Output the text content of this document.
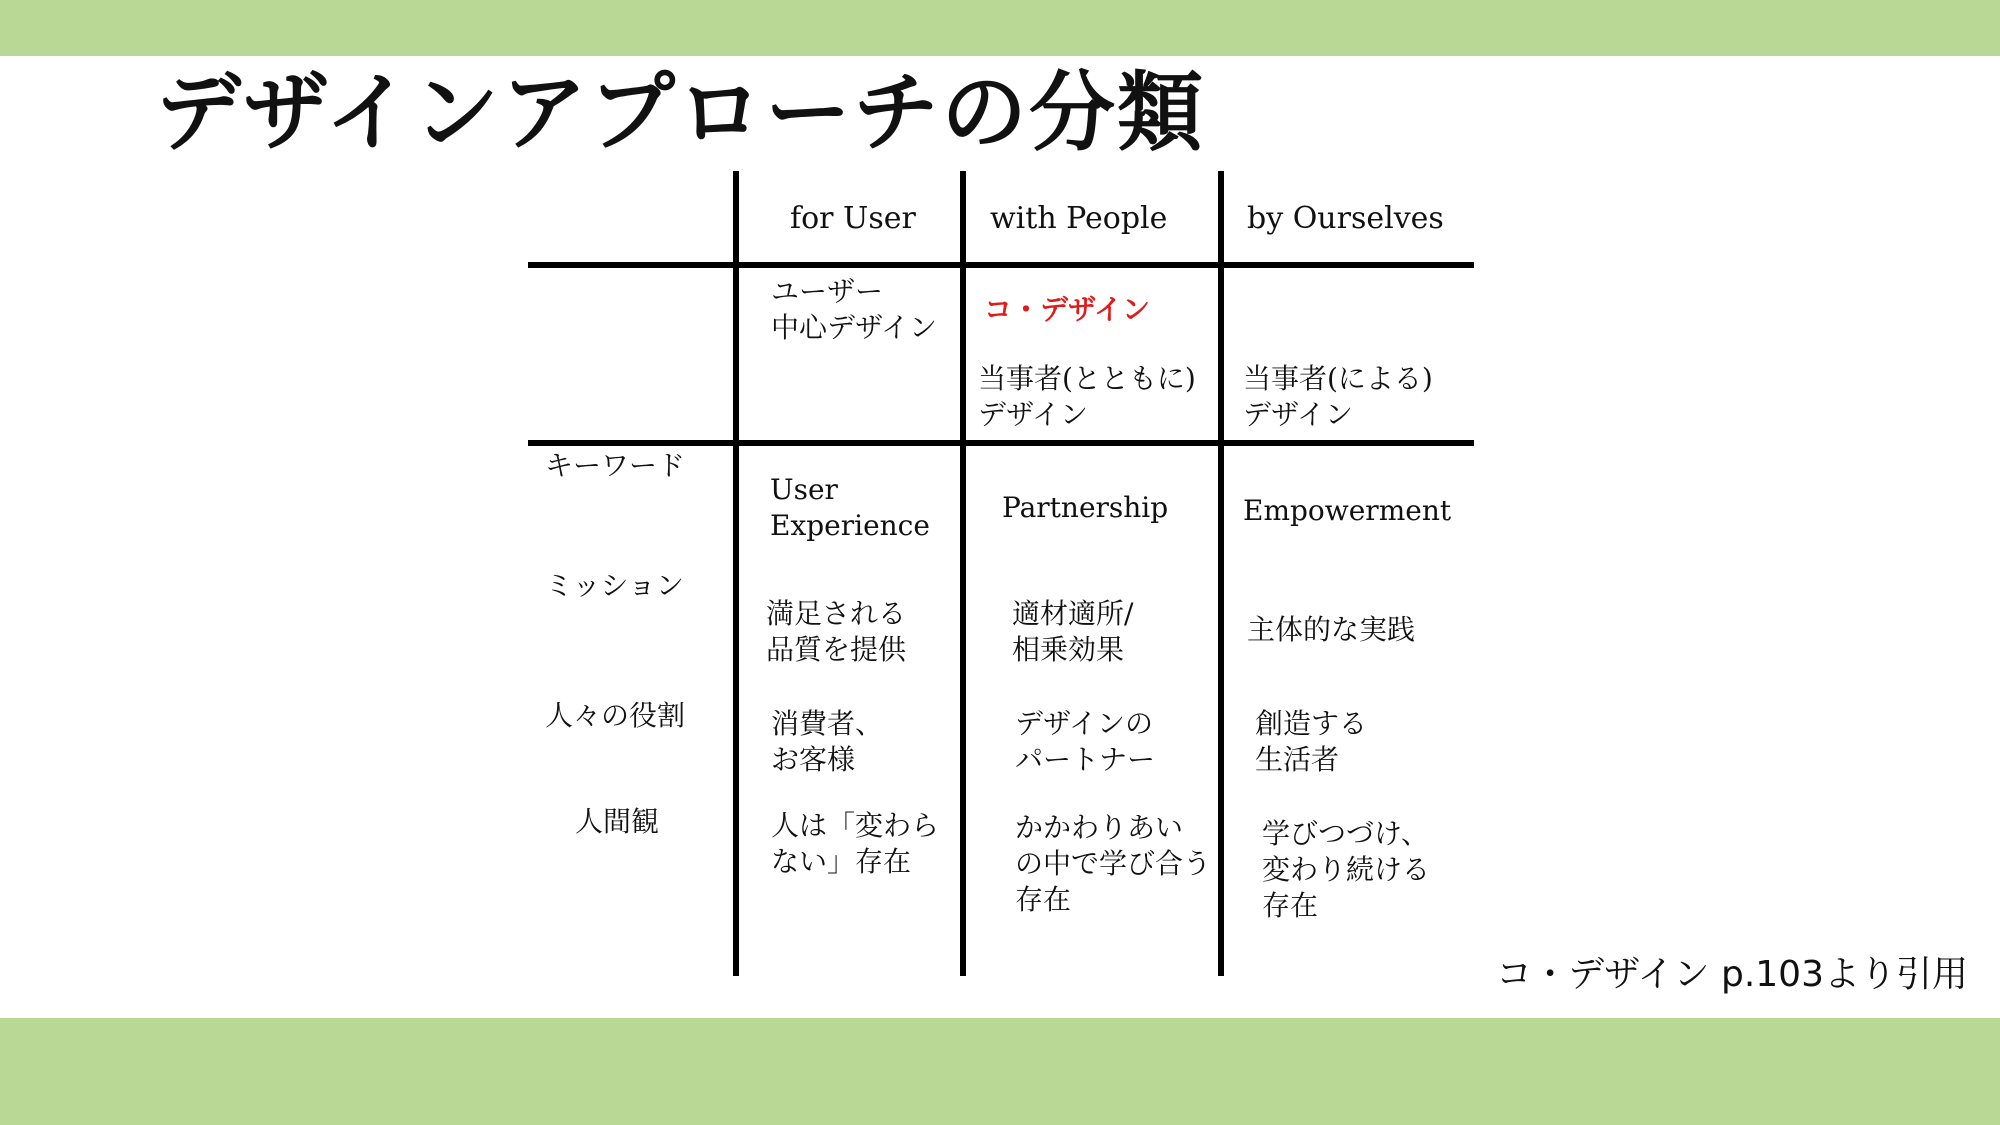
デザインアプローチの分類
for User with People	by Ourselves
ユーザー
中心デザイン
コ・デザイン
当事者(とともに)
デザイン
当事者(による)
デザイン
キーワード
ミッション
人々の役割
人間観
User
Experience
Partnership	Empowerment
満足される
品質を提供
適材適所/
相乗効果
主体的な実践
消費者、
お客様
デザインの
パートナー
創造する
生活者
人は「変わら
ない」存在
かかわりあい
の中で学び合う
存在
学びつづけ、
変わり続ける
存在
コ・デザイン p.103より引用
